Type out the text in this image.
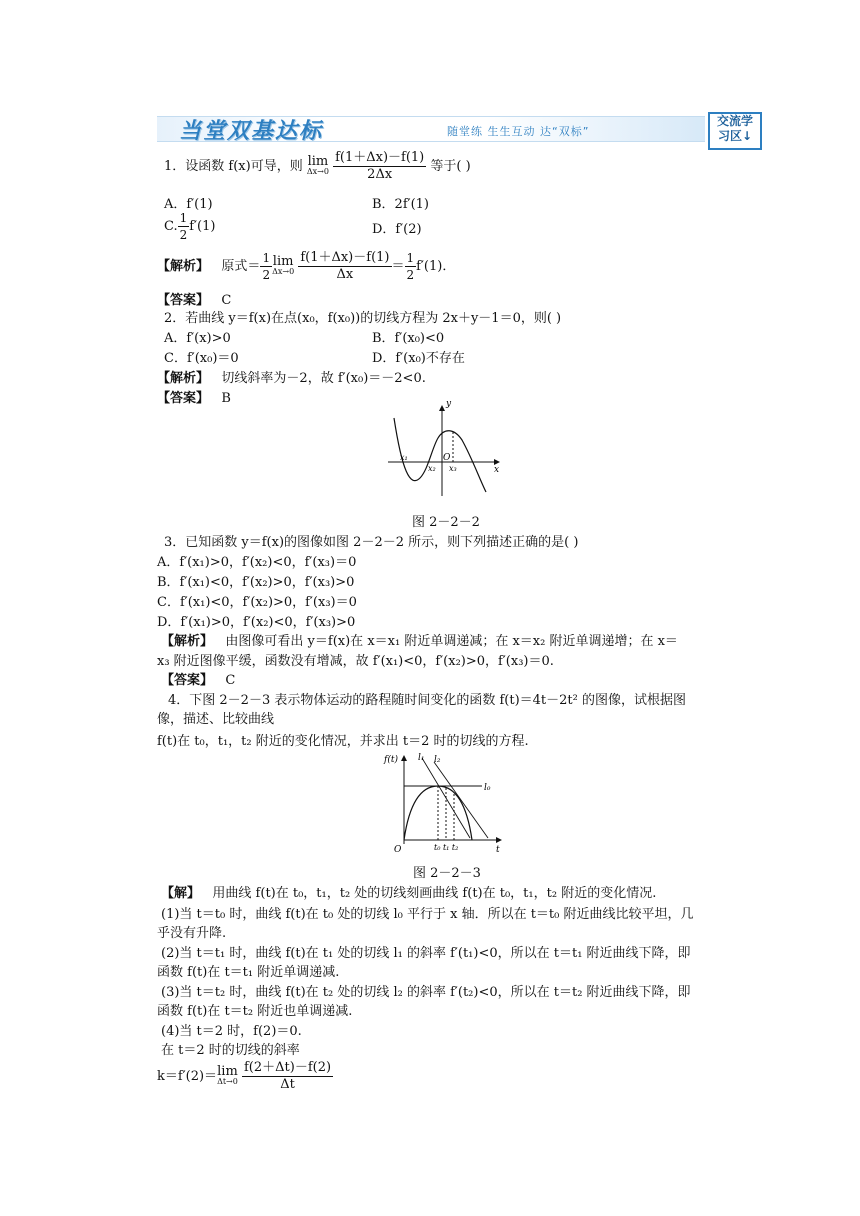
当堂双基达标	随堂练 生生互动 达“双标”
交流学
习区↓
1．设函数 f(x)可导，则 lim
Δx→0
$\frac{f(1+\Delta x)-f(1)}{2\Delta x}$ 等于( )
A．f′(1)	B．2f′(1)
C. $\frac{1}{2} f'(1)$	D．f′(2)
【解析】 原式＝ $\frac{1}{2}$ lim
Δx→0
$\frac{f(1+\Delta x)-f(1)}{\Delta x} = \frac{1}{2} f'(1)$．
【答案】 C
2．若曲线 y＝f(x)在点(x₀，f(x₀))的切线方程为 2x＋y－1＝0，则( )
A．f′(x)>0	B．f′(x₀)<0
C．f′(x₀)＝0	D．f′(x₀)不存在
【解析】 切线斜率为－2，故 f′(x₀)＝－2<0.
【答案】 B	y
x
x₁
x₂
O
x₃
图 2－2－2
3．已知函数 y＝f(x)的图像如图 2－2－2 所示，则下列描述正确的是( )
A．f′(x₁)>0，f′(x₂)<0，f′(x₃)＝0
B．f′(x₁)<0，f′(x₂)>0，f′(x₃)>0
C．f′(x₁)<0，f′(x₂)>0，f′(x₃)＝0
D．f′(x₁)>0，f′(x₂)<0，f′(x₃)>0
【解析】 由图像可看出 y＝f(x)在 x＝x₁ 附近单调递减；在 x＝x₂ 附近单调递增；在 x＝
x₃ 附近图像平缓，函数没有增减，故 f′(x₁)<0，f′(x₂)>0，f′(x₃)＝0.
【答案】 C
4．下图 2－2－3 表示物体运动的路程随时间变化的函数 f(t)＝4t－2t² 的图像，试根据图
像，描述、比较曲线
f(t)在 t₀，t₁，t₂ 附近的变化情况，并求出 t＝2 时的切线的方程.
f(t) l₁ l₂
l₀
O	t₀ t₁ t₂	t
图 2－2－3
【解】 用曲线 f(t)在 t₀，t₁，t₂ 处的切线刻画曲线 f(t)在 t₀，t₁，t₂ 附近的变化情况.
(1)当 t＝t₀ 时，曲线 f(t)在 t₀ 处的切线 l₀ 平行于 x 轴．所以在 t＝t₀ 附近曲线比较平坦，几
乎没有升降.
(2)当 t＝t₁ 时，曲线 f(t)在 t₁ 处的切线 l₁ 的斜率 f′(t₁)<0，所以在 t＝t₁ 附近曲线下降，即
函数 f(t)在 t＝t₁ 附近单调递减.
(3)当 t＝t₂ 时，曲线 f(t)在 t₂ 处的切线 l₂ 的斜率 f′(t₂)<0，所以在 t＝t₂ 附近曲线下降，即
函数 f(t)在 t＝t₂ 附近也单调递减.
(4)当 t＝2 时，f(2)＝0.
在 t＝2 时的切线的斜率
k＝f′(2)＝ lim
Δt→0
$\frac{f(2+\Delta t)-f(2)}{\Delta t}$
